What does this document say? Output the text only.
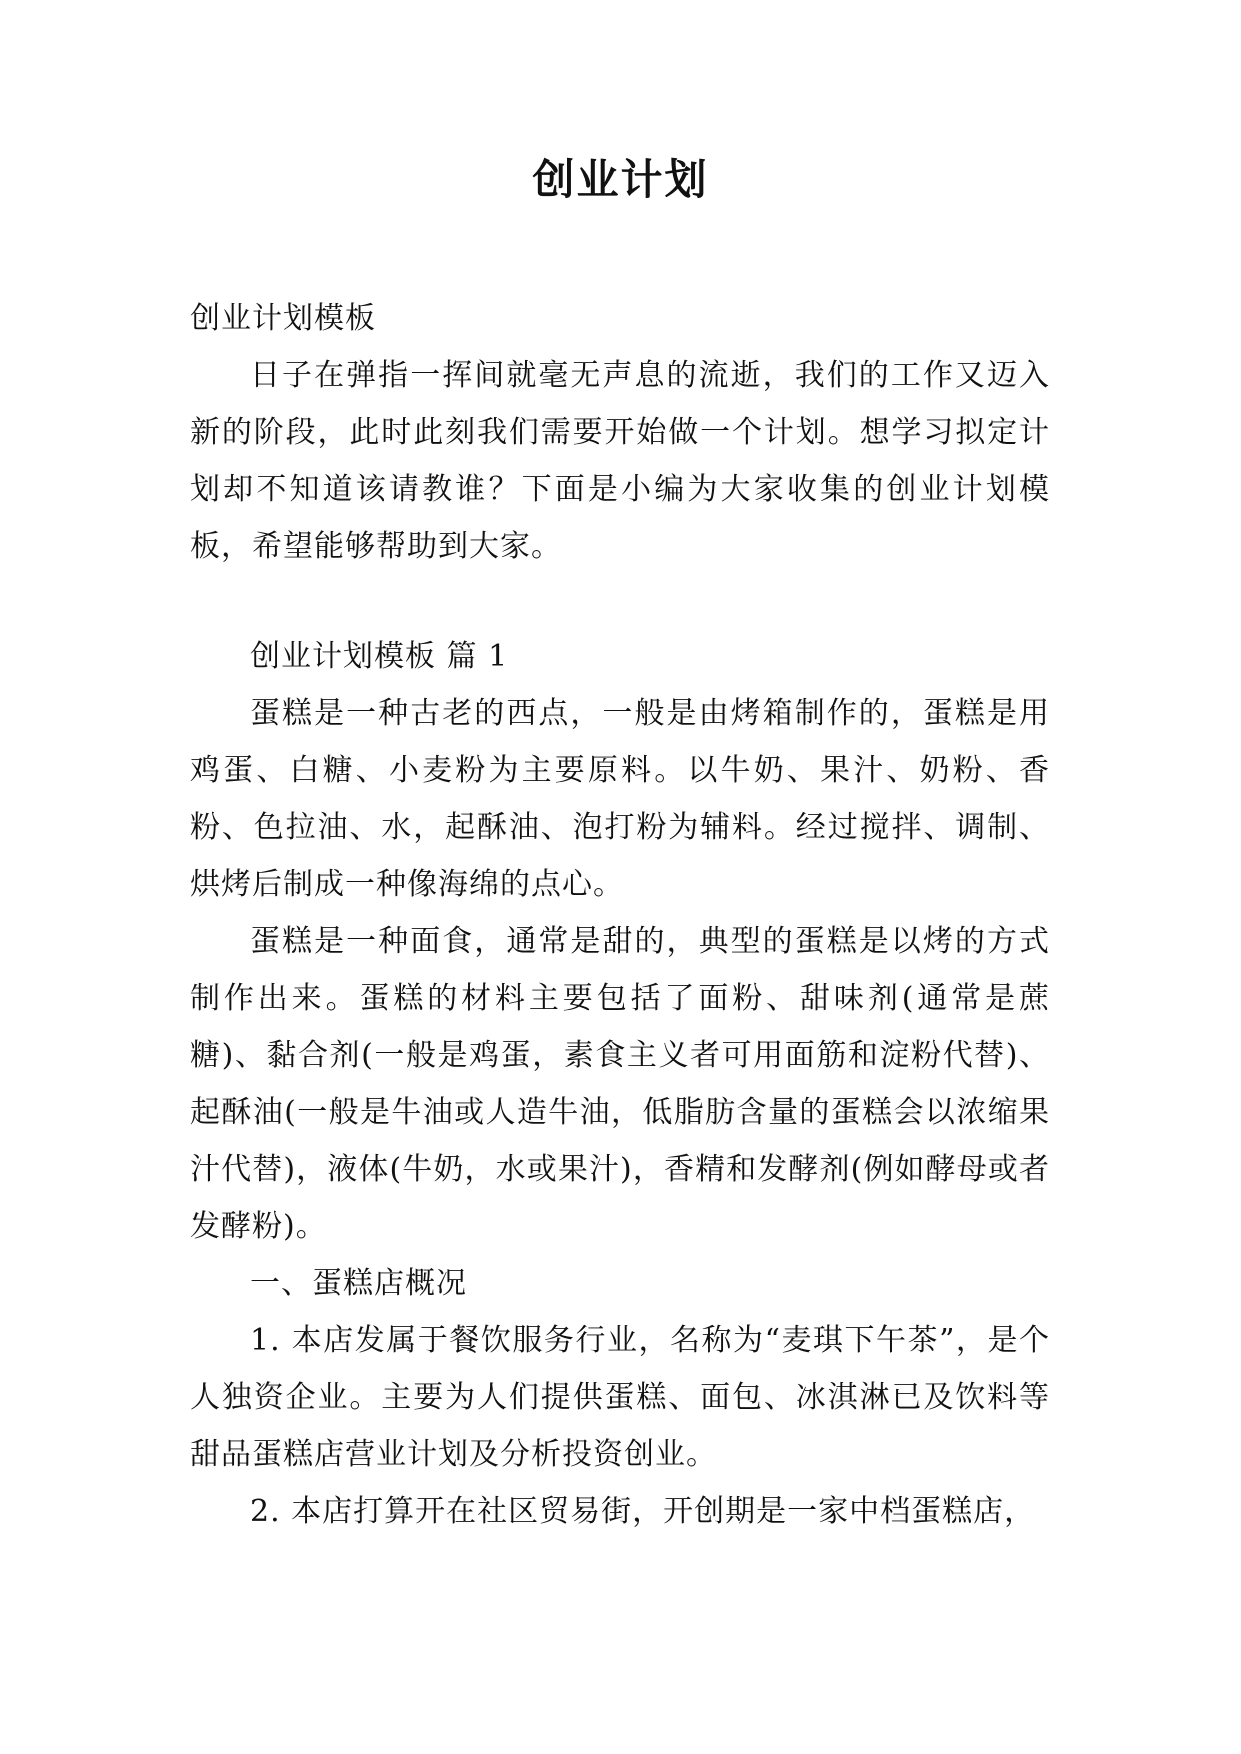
创业计划

创业计划模板

日子在弹指一挥间就毫无声息的流逝，我们的工作又迈入新的阶段，此时此刻我们需要开始做一个计划。想学习拟定计划却不知道该请教谁？下面是小编为大家收集的创业计划模板，希望能够帮助到大家。

创业计划模板 篇 1

蛋糕是一种古老的西点，一般是由烤箱制作的，蛋糕是用鸡蛋、白糖、小麦粉为主要原料。以牛奶、果汁、奶粉、香粉、色拉油、水，起酥油、泡打粉为辅料。经过搅拌、调制、烘烤后制成一种像海绵的点心。

蛋糕是一种面食，通常是甜的，典型的蛋糕是以烤的方式制作出来。蛋糕的材料主要包括了面粉、甜味剂(通常是蔗糖)、黏合剂(一般是鸡蛋，素食主义者可用面筋和淀粉代替)、起酥油(一般是牛油或人造牛油，低脂肪含量的蛋糕会以浓缩果汁代替)，液体(牛奶，水或果汁)，香精和发酵剂(例如酵母或者发酵粉)。

一、蛋糕店概况

1. 本店发属于餐饮服务行业，名称为“麦琪下午茶”，是个人独资企业。主要为人们提供蛋糕、面包、冰淇淋已及饮料等甜品蛋糕店营业计划及分析投资创业。

2. 本店打算开在社区贸易街，开创期是一家中档蛋糕店，
